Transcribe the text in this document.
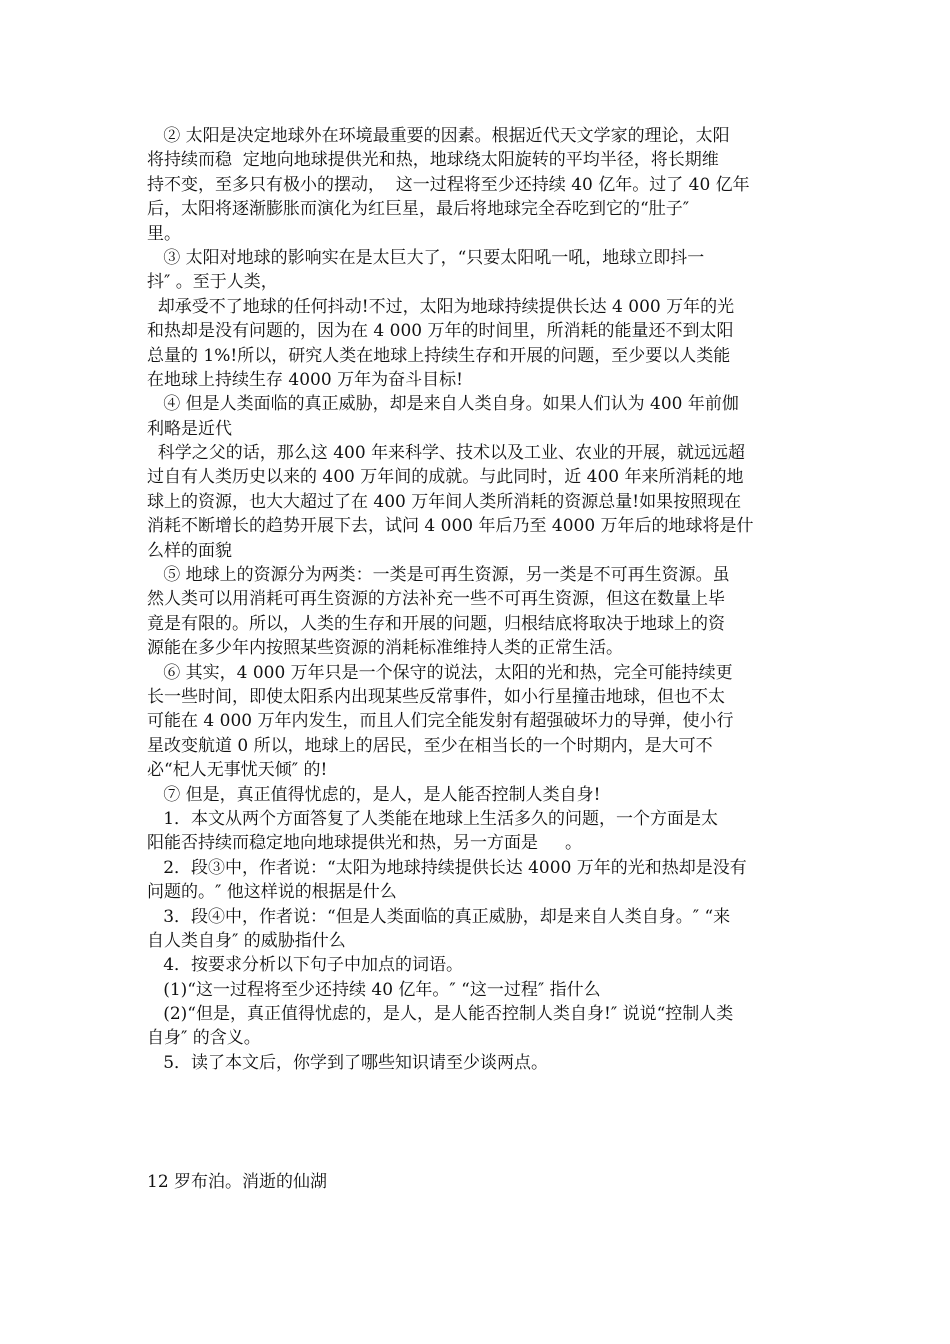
② 太阳是决定地球外在环境最重要的因素。根据近代天文学家的理论，太阳
将持续而稳  定地向地球提供光和热，地球绕太阳旋转的平均半径，将长期维
持不变，至多只有极小的摆动，  这一过程将至少还持续 40 亿年。过了 40 亿年
后，太阳将逐渐膨胀而演化为红巨星，最后将地球完全吞吃到它的“肚子″
里。
③ 太阳对地球的影响实在是太巨大了，“只要太阳吼一吼，地球立即抖一
抖″ 。至于人类，
却承受不了地球的任何抖动!不过，太阳为地球持续提供长达 4 000 万年的光
和热却是没有问题的，因为在 4 000 万年的时间里，所消耗的能量还不到太阳
总量的 1%!所以，研究人类在地球上持续生存和开展的问题，至少要以人类能
在地球上持续生存 4000 万年为奋斗目标!
④ 但是人类面临的真正威胁，却是来自人类自身。如果人们认为 400 年前伽
利略是近代
科学之父的话，那么这 400 年来科学、技术以及工业、农业的开展，就远远超
过自有人类历史以来的 400 万年间的成就。与此同时，近 400 年来所消耗的地
球上的资源，也大大超过了在 400 万年间人类所消耗的资源总量!如果按照现在
消耗不断增长的趋势开展下去，试问 4 000 年后乃至 4000 万年后的地球将是什
么样的面貌
⑤ 地球上的资源分为两类：一类是可再生资源，另一类是不可再生资源。虽
然人类可以用消耗可再生资源的方法补充一些不可再生资源，但这在数量上毕
竟是有限的。所以，人类的生存和开展的问题，归根结底将取决于地球上的资
源能在多少年内按照某些资源的消耗标准维持人类的正常生活。
⑥ 其实，4 000 万年只是一个保守的说法，太阳的光和热，完全可能持续更
长一些时间，即使太阳系内出现某些反常事件，如小行星撞击地球，但也不太
可能在 4 000 万年内发生，而且人们完全能发射有超强破坏力的导弹，使小行
星改变航道 0 所以，地球上的居民，至少在相当长的一个时期内，是大可不
必“杞人无事忧天倾″ 的!
⑦ 但是，真正值得忧虑的，是人，是人能否控制人类自身!
1．本文从两个方面答复了人类能在地球上生活多久的问题，一个方面是太
阳能否持续而稳定地向地球提供光和热，另一方面是     。
2．段③中，作者说：“太阳为地球持续提供长达 4000 万年的光和热却是没有
问题的。″ 他这样说的根据是什么
3．段④中，作者说：“但是人类面临的真正威胁，却是来自人类自身。″ “来
自人类自身″ 的威胁指什么
4．按要求分析以下句子中加点的词语。
(1)“这一过程将至少还持续 40 亿年。″ “这一过程″ 指什么
(2)“但是，真正值得忧虑的，是人，是人能否控制人类自身!″ 说说“控制人类
自身″ 的含义。
5．读了本文后，你学到了哪些知识请至少谈两点。
12 罗布泊。消逝的仙湖
